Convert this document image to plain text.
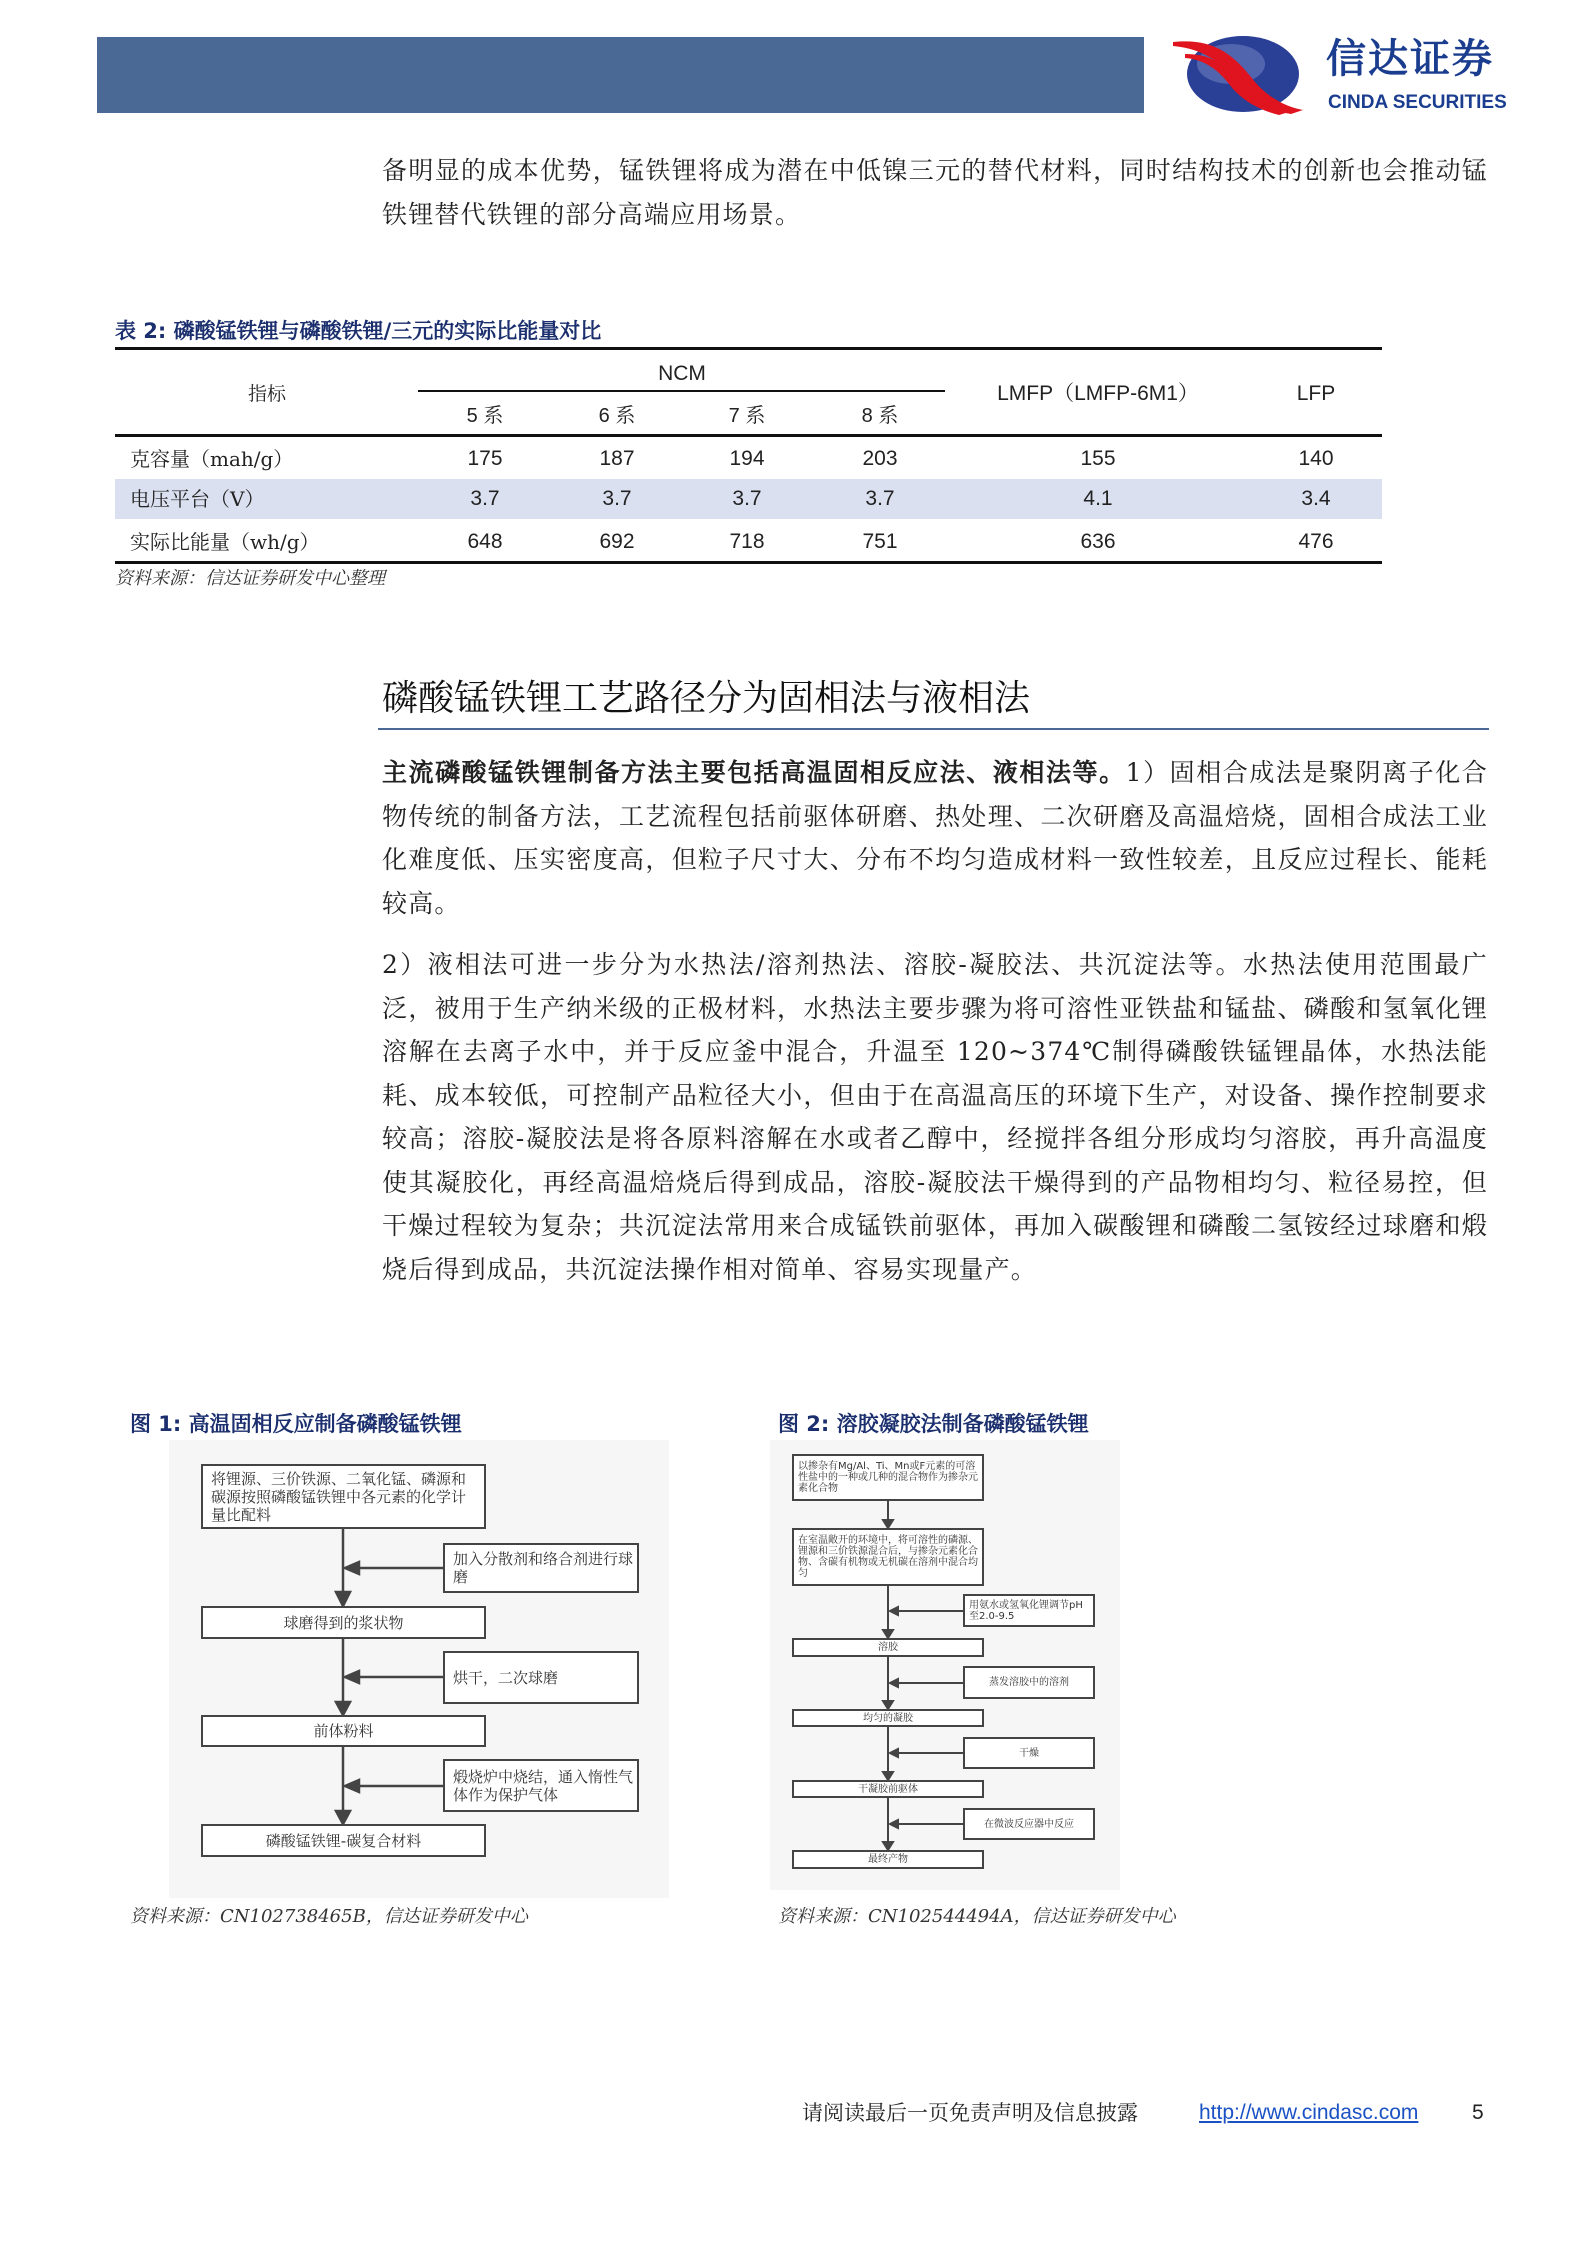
信达证券
CINDA SECURITIES

备明显的成本优势，锰铁锂将成为潜在中低镍三元的替代材料，同时结构技术的创新也会推动锰铁锂替代铁锂的部分高端应用场景。

表 2: 磷酸锰铁锂与磷酸铁锂/三元的实际比能量对比
指标
NCM
5 系	6 系	7 系	8 系
LMFP（LMFP-6M1）	LFP
克容量（mah/g）	175	187	194	203	155	140
电压平台（V）	3.7	3.7	3.7	3.7	4.1	3.4
实际比能量（wh/g）	648	692	718	751	636	476
资料来源：信达证券研发中心整理
磷酸锰铁锂工艺路径分为固相法与液相法

主流磷酸锰铁锂制备方法主要包括高温固相反应法、液相法等。1）固相合成法是聚阴离子化合物传统的制备方法，工艺流程包括前驱体研磨、热处理、二次研磨及高温焙烧，固相合成法工业化难度低、压实密度高，但粒子尺寸大、分布不均匀造成材料一致性较差，且反应过程长、能耗较高。

2）液相法可进一步分为水热法/溶剂热法、溶胶-凝胶法、共沉淀法等。水热法使用范围最广泛，被用于生产纳米级的正极材料，水热法主要步骤为将可溶性亚铁盐和锰盐、磷酸和氢氧化锂溶解在去离子水中，并于反应釜中混合，升温至 120~374℃制得磷酸铁锰锂晶体，水热法能耗、成本较低，可控制产品粒径大小，但由于在高温高压的环境下生产，对设备、操作控制要求较高；溶胶-凝胶法是将各原料溶解在水或者乙醇中，经搅拌各组分形成均匀溶胶，再升高温度使其凝胶化，再经高温焙烧后得到成品，溶胶-凝胶法干燥得到的产品物相均匀、粒径易控，但干燥过程较为复杂；共沉淀法常用来合成锰铁前驱体，再加入碳酸锂和磷酸二氢铵经过球磨和煅烧后得到成品，共沉淀法操作相对简单、容易实现量产。

图 1: 高温固相反应制备磷酸锰铁锂
将锂源、三价铁源、二氧化锰、磷源和碳源按照磷酸锰铁锂中各元素的化学计量比配料
加入分散剂和络合剂进行球磨
球磨得到的浆状物
烘干，二次球磨
前体粉料
煅烧炉中烧结，通入惰性气体作为保护气体
磷酸锰铁锂-碳复合材料
资料来源：CN102738465B，信达证券研发中心
图 2: 溶胶凝胶法制备磷酸锰铁锂
以掺杂有Mg/Al、Ti、Mn或F元素的可溶性盐中的一种或几种的混合物作为掺杂元素化合物
在室温敞开的环境中，将可溶性的磷源、锂源和三价铁源混合后，与掺杂元素化合物、含碳有机物或无机碳在溶剂中混合均匀
用氨水或氢氧化锂调节pH至2.0-9.5
溶胶
蒸发溶胶中的溶剂
均匀的凝胶
干燥
干凝胶前驱体
在微波反应器中反应
最终产物
资料来源：CN102544494A，信达证券研发中心
请阅读最后一页免责声明及信息披露	http://www.cindasc.com	5
